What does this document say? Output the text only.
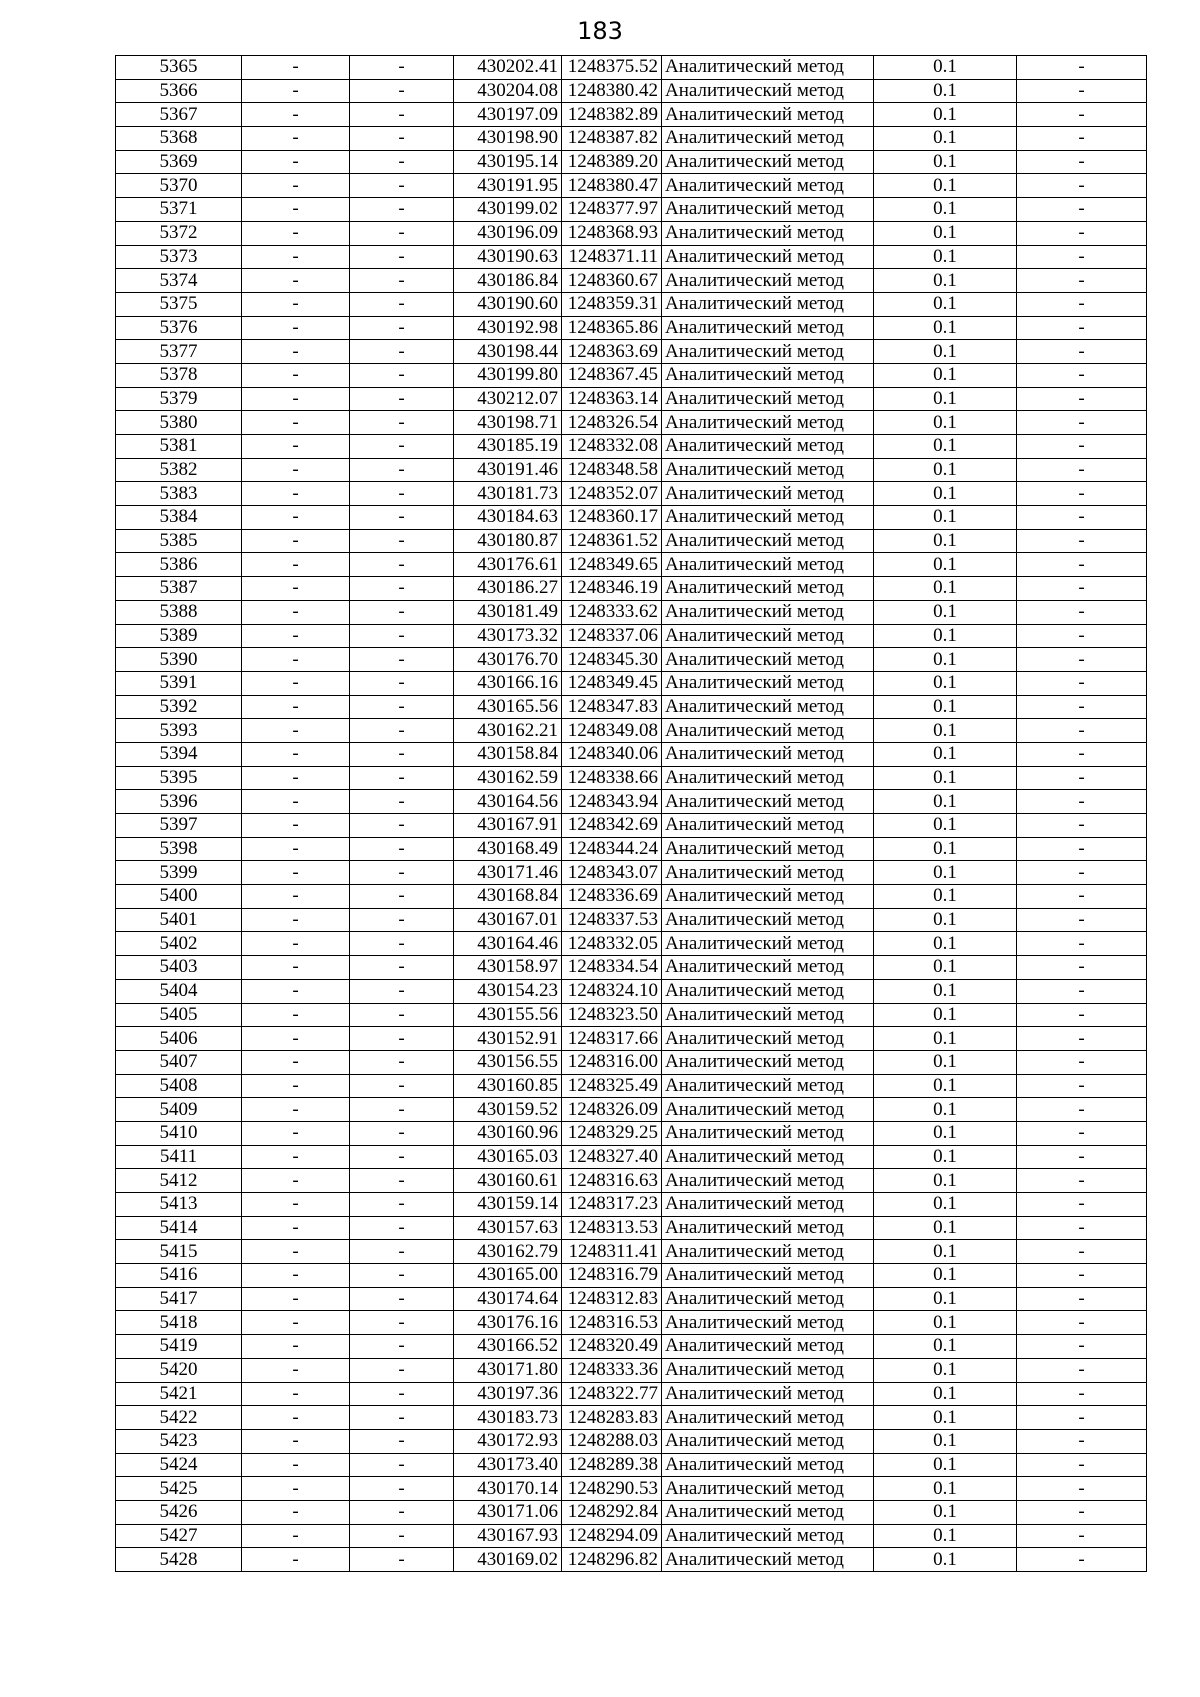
183
5365	-	-	430202.41	1248375.52	Аналитический метод	0.1	-
5366	-	-	430204.08	1248380.42	Аналитический метод	0.1	-
5367	-	-	430197.09	1248382.89	Аналитический метод	0.1	-
5368	-	-	430198.90	1248387.82	Аналитический метод	0.1	-
5369	-	-	430195.14	1248389.20	Аналитический метод	0.1	-
5370	-	-	430191.95	1248380.47	Аналитический метод	0.1	-
5371	-	-	430199.02	1248377.97	Аналитический метод	0.1	-
5372	-	-	430196.09	1248368.93	Аналитический метод	0.1	-
5373	-	-	430190.63	1248371.11	Аналитический метод	0.1	-
5374	-	-	430186.84	1248360.67	Аналитический метод	0.1	-
5375	-	-	430190.60	1248359.31	Аналитический метод	0.1	-
5376	-	-	430192.98	1248365.86	Аналитический метод	0.1	-
5377	-	-	430198.44	1248363.69	Аналитический метод	0.1	-
5378	-	-	430199.80	1248367.45	Аналитический метод	0.1	-
5379	-	-	430212.07	1248363.14	Аналитический метод	0.1	-
5380	-	-	430198.71	1248326.54	Аналитический метод	0.1	-
5381	-	-	430185.19	1248332.08	Аналитический метод	0.1	-
5382	-	-	430191.46	1248348.58	Аналитический метод	0.1	-
5383	-	-	430181.73	1248352.07	Аналитический метод	0.1	-
5384	-	-	430184.63	1248360.17	Аналитический метод	0.1	-
5385	-	-	430180.87	1248361.52	Аналитический метод	0.1	-
5386	-	-	430176.61	1248349.65	Аналитический метод	0.1	-
5387	-	-	430186.27	1248346.19	Аналитический метод	0.1	-
5388	-	-	430181.49	1248333.62	Аналитический метод	0.1	-
5389	-	-	430173.32	1248337.06	Аналитический метод	0.1	-
5390	-	-	430176.70	1248345.30	Аналитический метод	0.1	-
5391	-	-	430166.16	1248349.45	Аналитический метод	0.1	-
5392	-	-	430165.56	1248347.83	Аналитический метод	0.1	-
5393	-	-	430162.21	1248349.08	Аналитический метод	0.1	-
5394	-	-	430158.84	1248340.06	Аналитический метод	0.1	-
5395	-	-	430162.59	1248338.66	Аналитический метод	0.1	-
5396	-	-	430164.56	1248343.94	Аналитический метод	0.1	-
5397	-	-	430167.91	1248342.69	Аналитический метод	0.1	-
5398	-	-	430168.49	1248344.24	Аналитический метод	0.1	-
5399	-	-	430171.46	1248343.07	Аналитический метод	0.1	-
5400	-	-	430168.84	1248336.69	Аналитический метод	0.1	-
5401	-	-	430167.01	1248337.53	Аналитический метод	0.1	-
5402	-	-	430164.46	1248332.05	Аналитический метод	0.1	-
5403	-	-	430158.97	1248334.54	Аналитический метод	0.1	-
5404	-	-	430154.23	1248324.10	Аналитический метод	0.1	-
5405	-	-	430155.56	1248323.50	Аналитический метод	0.1	-
5406	-	-	430152.91	1248317.66	Аналитический метод	0.1	-
5407	-	-	430156.55	1248316.00	Аналитический метод	0.1	-
5408	-	-	430160.85	1248325.49	Аналитический метод	0.1	-
5409	-	-	430159.52	1248326.09	Аналитический метод	0.1	-
5410	-	-	430160.96	1248329.25	Аналитический метод	0.1	-
5411	-	-	430165.03	1248327.40	Аналитический метод	0.1	-
5412	-	-	430160.61	1248316.63	Аналитический метод	0.1	-
5413	-	-	430159.14	1248317.23	Аналитический метод	0.1	-
5414	-	-	430157.63	1248313.53	Аналитический метод	0.1	-
5415	-	-	430162.79	1248311.41	Аналитический метод	0.1	-
5416	-	-	430165.00	1248316.79	Аналитический метод	0.1	-
5417	-	-	430174.64	1248312.83	Аналитический метод	0.1	-
5418	-	-	430176.16	1248316.53	Аналитический метод	0.1	-
5419	-	-	430166.52	1248320.49	Аналитический метод	0.1	-
5420	-	-	430171.80	1248333.36	Аналитический метод	0.1	-
5421	-	-	430197.36	1248322.77	Аналитический метод	0.1	-
5422	-	-	430183.73	1248283.83	Аналитический метод	0.1	-
5423	-	-	430172.93	1248288.03	Аналитический метод	0.1	-
5424	-	-	430173.40	1248289.38	Аналитический метод	0.1	-
5425	-	-	430170.14	1248290.53	Аналитический метод	0.1	-
5426	-	-	430171.06	1248292.84	Аналитический метод	0.1	-
5427	-	-	430167.93	1248294.09	Аналитический метод	0.1	-
5428	-	-	430169.02	1248296.82	Аналитический метод	0.1	-
